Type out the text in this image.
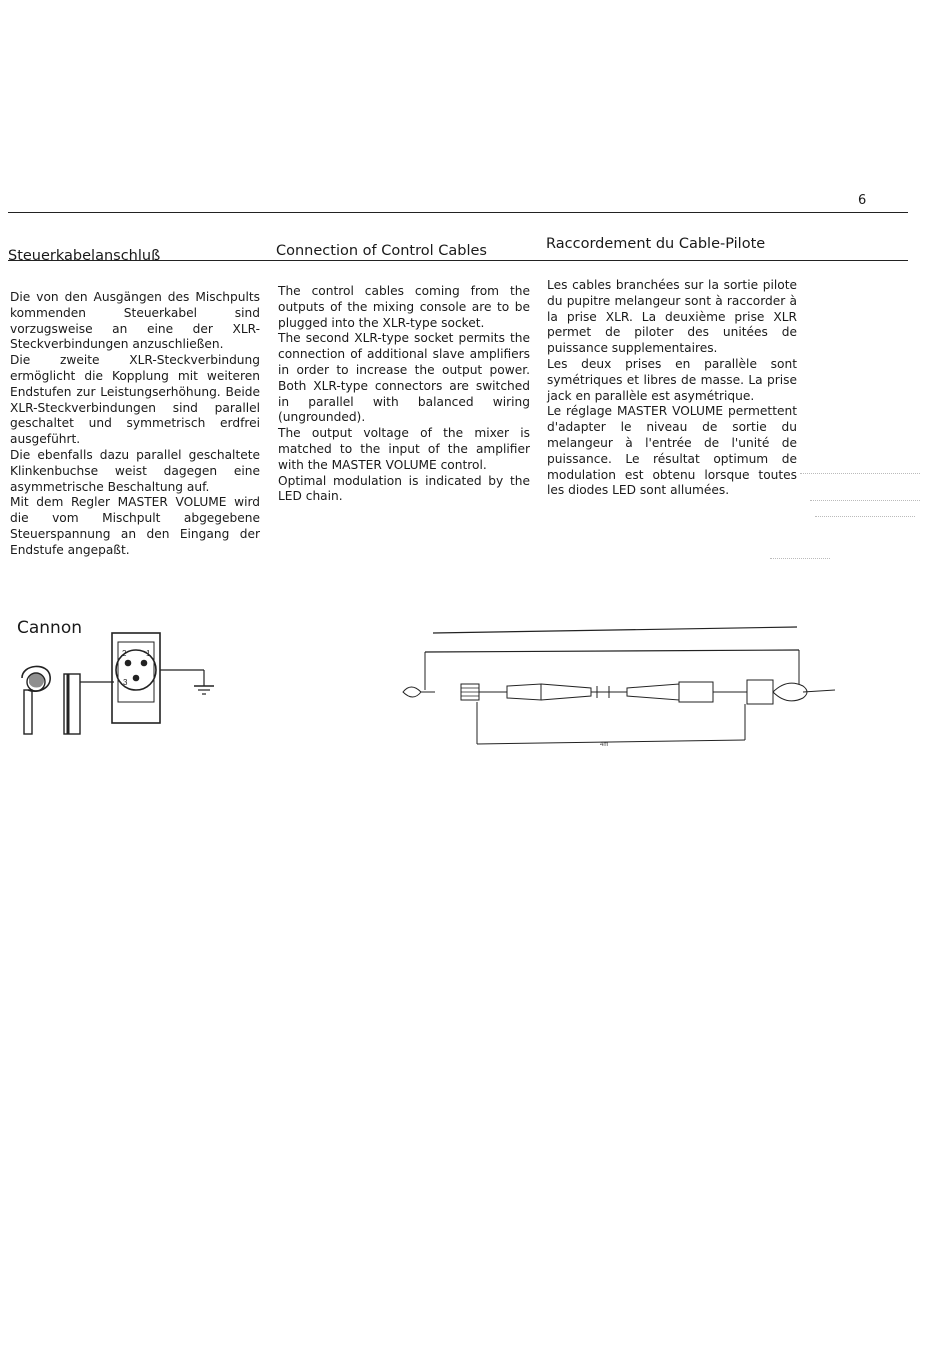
6
Steuerkabelanschluß	Connection of Control Cables	Raccordement du Cable-Pilote

Die von den Ausgängen des Mischpults kommenden Steuerkabel sind vorzugsweise an eine der XLR-Steckverbindungen anzuschließen.

Die zweite XLR-Steckverbindung ermöglicht die Kopplung mit weiteren Endstufen zur Leistungserhöhung. Beide XLR-Steckverbindungen sind parallel geschaltet und symmetrisch erdfrei ausgeführt.

Die ebenfalls dazu parallel geschaltete Klinkenbuchse weist dagegen eine asymmetrische Beschaltung auf.

Mit dem Regler MASTER VOLUME wird die vom Mischpult abgegebene Steuerspannung an den Eingang der Endstufe angepaßt.

The control cables coming from the outputs of the mixing console are to be plugged into the XLR-type socket.

The second XLR-type socket permits the connection of additional slave amplifiers in order to increase the output power. Both XLR-type connectors are switched in parallel with balanced wiring (ungrounded).

The output voltage of the mixer is matched to the input of the amplifier with the MASTER VOLUME control.

Optimal modulation is indicated by the LED chain.

Les cables branchées sur la sortie pilote du pupitre melangeur sont à raccorder à la prise XLR. La deuxième prise XLR permet de piloter des unitées de puissance supplementaires.

Les deux prises en parallèle sont symétriques et libres de masse. La prise jack en parallèle est asymétrique.

Le réglage MASTER VOLUME permettent d'adapter le niveau de sortie du melangeur à l'entrée de l'unité de puissance. Le résultat optimum de modulation est obtenu lorsque toutes les diodes LED sont allumées.

Cannon
2 1
3
4m
